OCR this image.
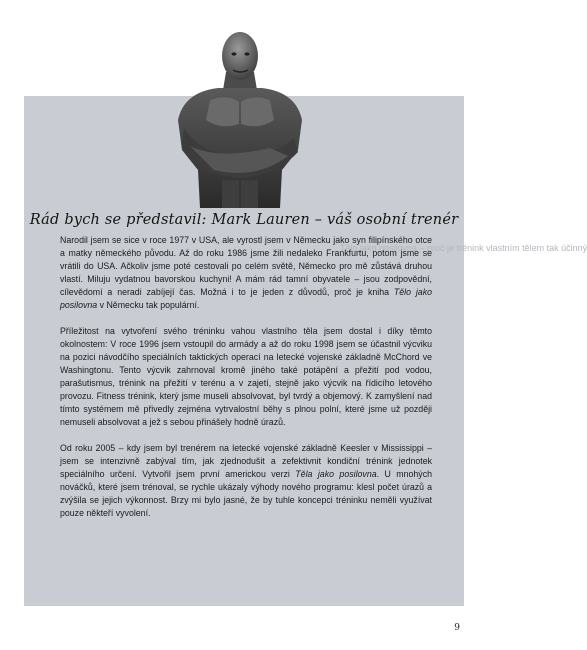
Tělo jako posilovna – proč je trénink vlastním tělem tak účinný
Rád bych se představil: Mark Lauren – váš osobní trenér

Narodil jsem se sice v roce 1977 v USA, ale vyrostl jsem v Německu jako syn filipínského otce a matky německého původu. Až do roku 1986 jsme žili nedaleko Frankfurtu, potom jsme se vrátili do USA. Ačkoliv jsme poté cestovali po celém světě, Německo pro mě zůstává druhou vlastí. Miluju vydatnou bavorskou kuchyni! A mám rád tamní obyvatele – jsou zodpovědní, cílevědomí a neradi zabíjejí čas. Možná i to je jeden z důvodů, proč je kniha Tělo jako posilovna v Německu tak populární.

Příležitost na vytvoření svého tréninku vahou vlastního těla jsem dostal i díky těmto okolnostem: V roce 1996 jsem vstoupil do armády a až do roku 1998 jsem se účastnil výcviku na pozici návodčího speciálních taktických operací na letecké vojenské základně McChord ve Washingtonu. Tento výcvik zahrnoval kromě jiného také potápění a přežití pod vodou, parašutismus, trénink na přežití v terénu a v zajetí, stejně jako výcvik na řídicího letového provozu. Fitness trénink, který jsme museli absolvovat, byl tvrdý a objemový. K zamyšlení nad tímto systémem mě přivedly zejména vytrvalostní běhy s plnou polní, které jsme už později nemuseli absolvovat a jež s sebou přinášely hodně úrazů.

Od roku 2005 – kdy jsem byl trenérem na letecké vojenské základně Keesler v Mississippi – jsem se intenzivně zabýval tím, jak zjednodušit a zefektivnit kondiční trénink jednotek speciálního určení. Vytvořil jsem první americkou verzi Těla jako posilovna. U mnohých nováčků, které jsem trénoval, se rychle ukázaly výhody nového programu: klesl počet úrazů a zvýšila se jejich výkonnost. Brzy mi bylo jasné, že by tuhle koncepci tréninku neměli využívat pouze někteří vyvolení.

9
